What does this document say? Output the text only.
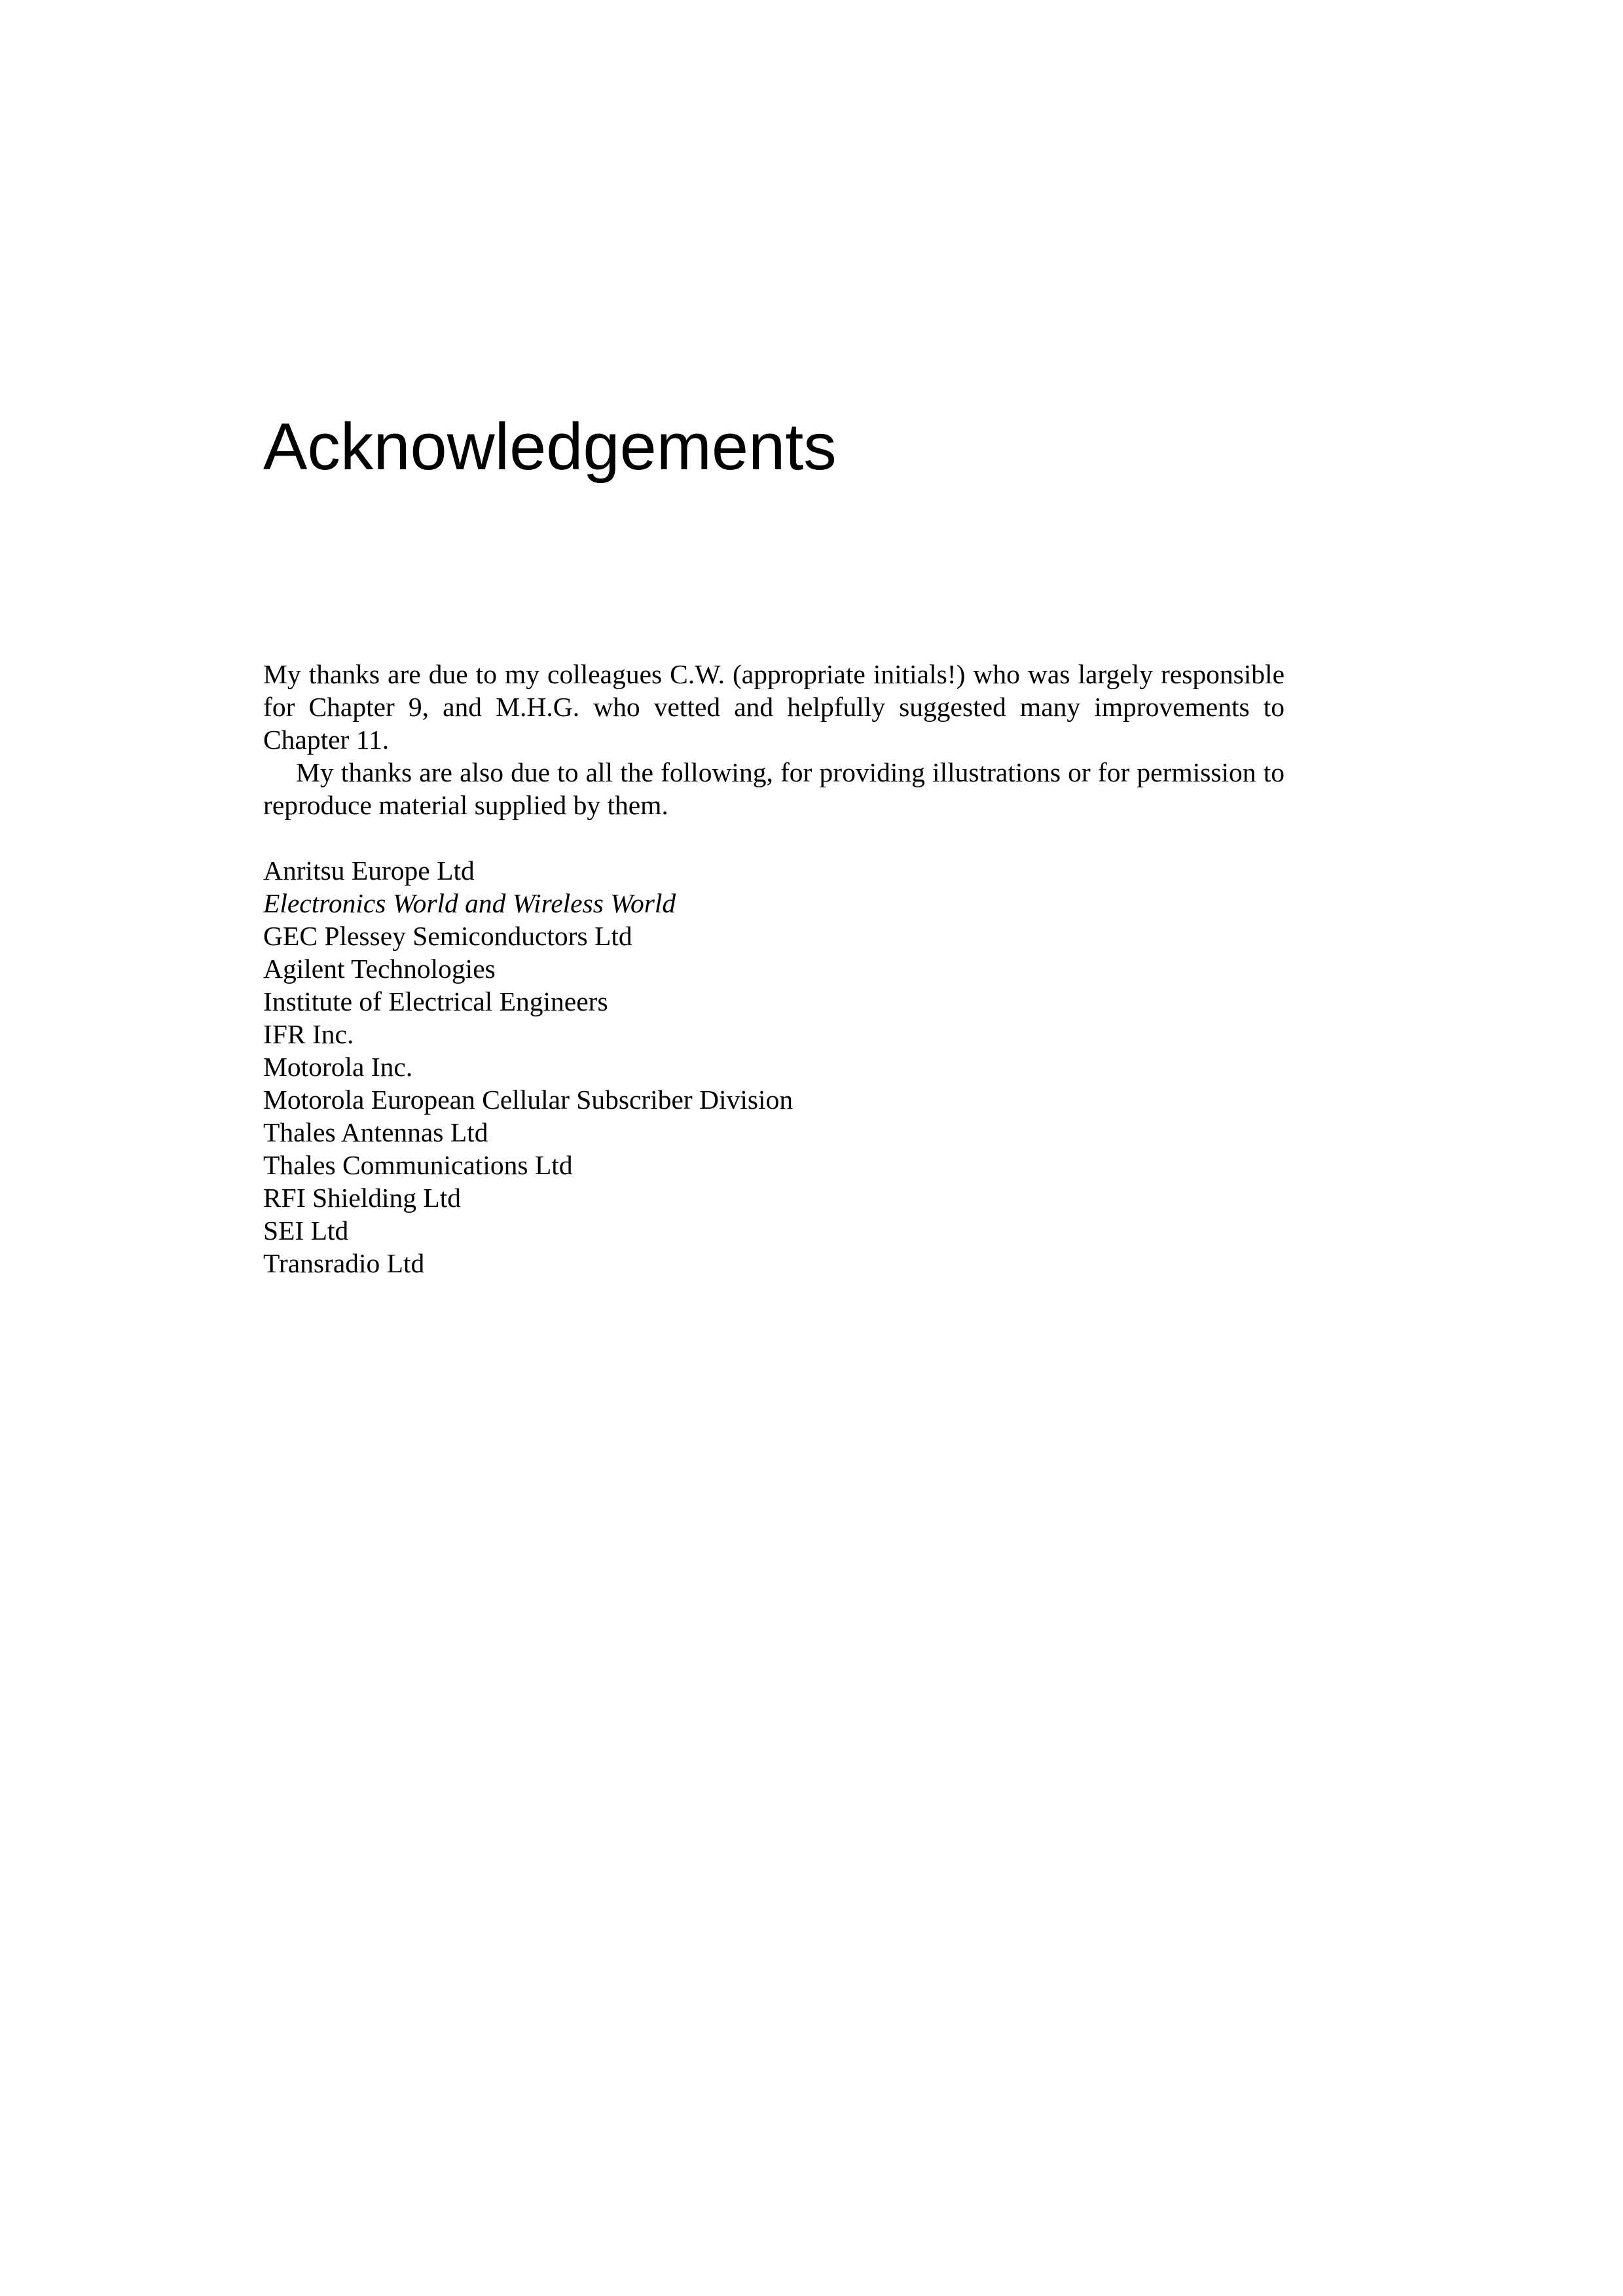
Acknowledgements

My thanks are due to my colleagues C.W. (appropriate initials!) who was largely responsible for Chapter 9, and M.H.G. who vetted and helpfully suggested many improvements to Chapter 11.

My thanks are also due to all the following, for providing illustrations or for permission to reproduce material supplied by them.

Anritsu Europe Ltd
Electronics World and Wireless World
GEC Plessey Semiconductors Ltd
Agilent Technologies
Institute of Electrical Engineers
IFR Inc.
Motorola Inc.
Motorola European Cellular Subscriber Division
Thales Antennas Ltd
Thales Communications Ltd
RFI Shielding Ltd
SEI Ltd
Transradio Ltd
